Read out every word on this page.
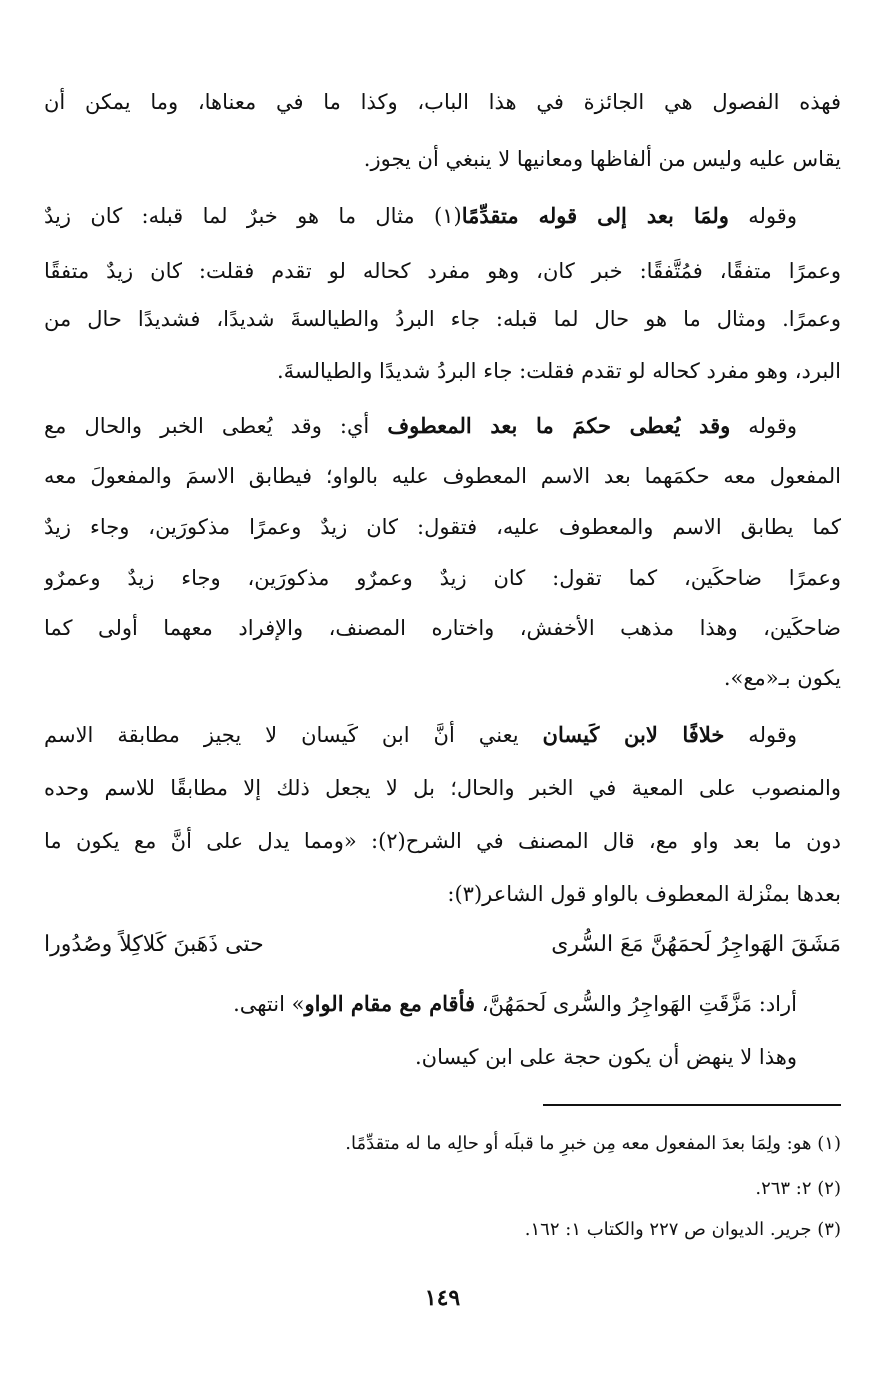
فهذه الفصول هي الجائزة في هذا الباب، وكذا ما في معناها، وما يمكن أن
يقاس عليه وليس من ألفاظها ومعانيها لا ينبغي أن يجوز.
وقوله ولمَا بعد إلى قوله متقدِّمًا(١) مثال ما هو خبرٌ لما قبله: كان زيدٌ
وعمرًا متفقًا، فمُتَّفقًا: خبر كان، وهو مفرد كحاله لو تقدم فقلت: كان زيدٌ متفقًا
وعمرًا. ومثال ما هو حال لما قبله: جاء البردُ والطيالسةَ شديدًا، فشديدًا حال من
البرد، وهو مفرد كحاله لو تقدم فقلت: جاء البردُ شديدًا والطيالسةَ.
وقوله وقد يُعطى حكمَ ما بعد المعطوف أي: وقد يُعطى الخبر والحال مع
المفعول معه حكمَهما بعد الاسم المعطوف عليه بالواو؛ فيطابق الاسمَ والمفعولَ معه
كما يطابق الاسم والمعطوف عليه، فتقول: كان زيدٌ وعمرًا مذكورَين، وجاء زيدٌ
وعمرًا ضاحكَين، كما تقول: كان زيدٌ وعمرٌو مذكورَين، وجاء زيدٌ وعمرٌو
ضاحكَين، وهذا مذهب الأخفش، واختاره المصنف، والإفراد معهما أولى كما
يكون بـ«مع».
وقوله خلافًا لابن كَيسان يعني أنَّ ابن كَيسان لا يجيز مطابقة الاسم
والمنصوب على المعية في الخبر والحال؛ بل لا يجعل ذلك إلا مطابقًا للاسم وحده
دون ما بعد واو مع، قال المصنف في الشرح(٢): «ومما يدل على أنَّ مع يكون ما
بعدها بمنْزلة المعطوف بالواو قول الشاعر(٣):
مَشَقَ الهَواجِرُ لَحمَهُنَّ مَعَ السُّرى
حتى ذَهَبنَ كَلاكِلاً وصُدُورا
أراد: مَزَّقَتِ الهَواجِرُ والسُّرى لَحمَهُنَّ، فأقام مع مقام الواو» انتهى.
وهذا لا ينهض أن يكون حجة على ابن كيسان.
(١) هو: ولِمَا بعدَ المفعول معه مِن خبرِ ما قبلَه أو حالِه ما له متقدِّمًا.
(٢) ٢: ٢٦٣.
(٣) جرير. الديوان ص ٢٢٧ والكتاب ١: ١٦٢.
١٤٩
